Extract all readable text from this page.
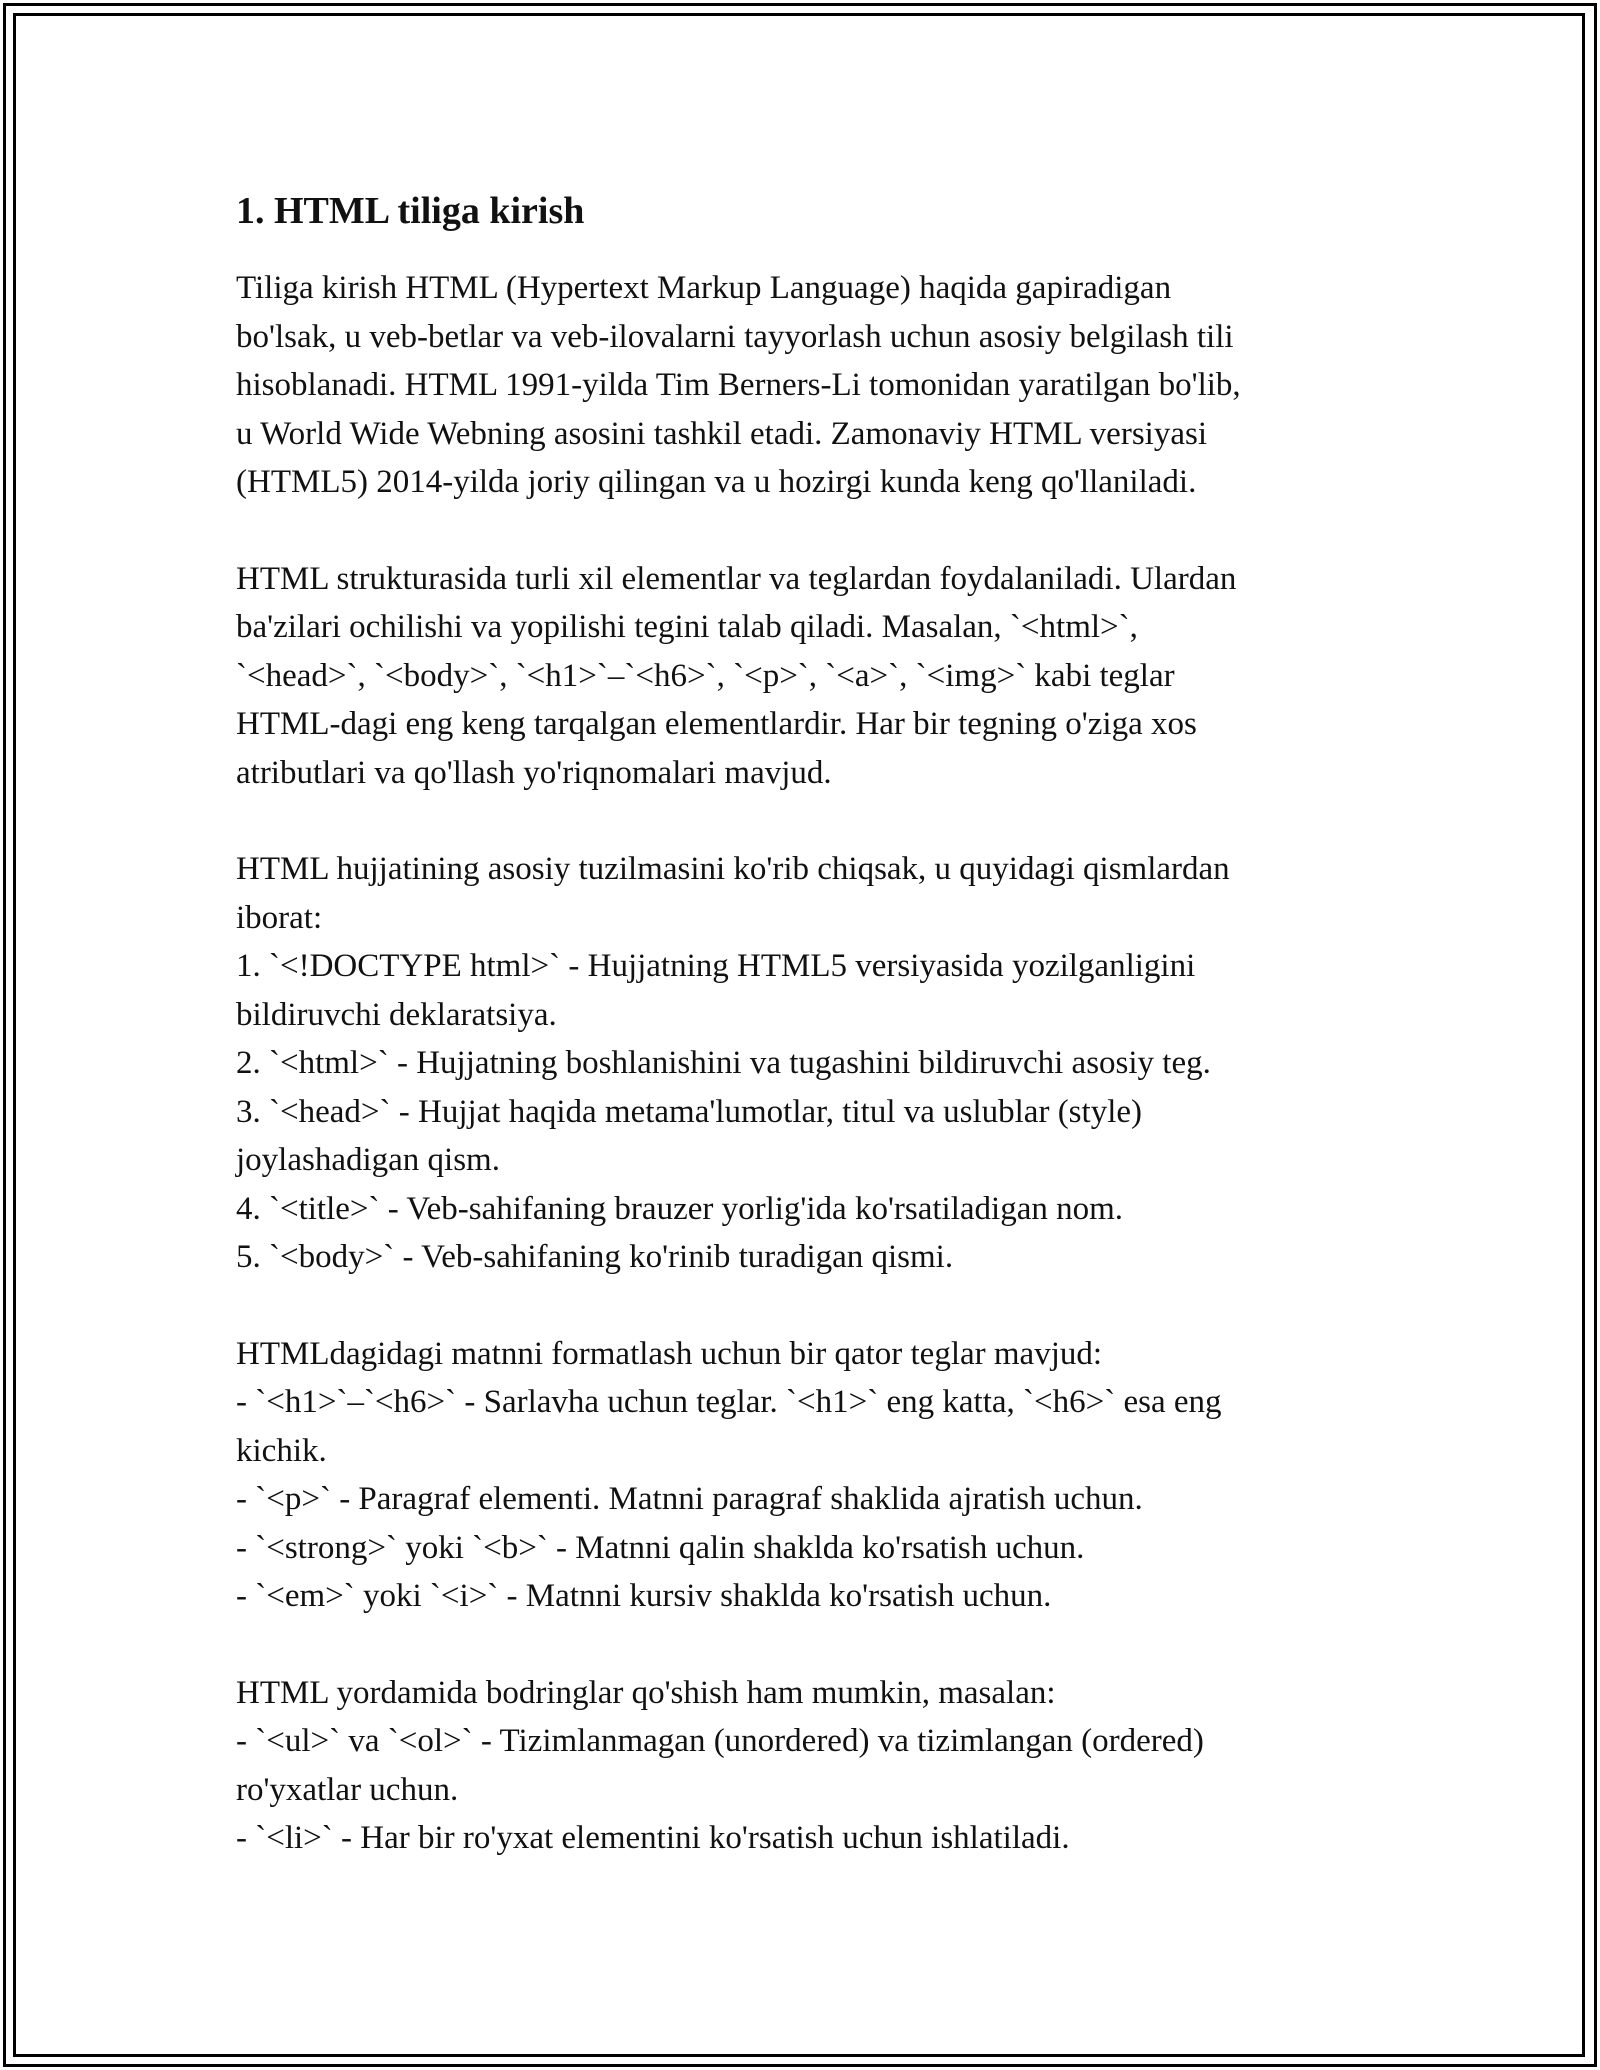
1. HTML tiliga kirish
Tiliga kirish HTML (Hypertext Markup Language) haqida gapiradigan
bo'lsak, u veb-betlar va veb-ilovalarni tayyorlash uchun asosiy belgilash tili
hisoblanadi. HTML 1991-yilda Tim Berners-Li tomonidan yaratilgan bo'lib,
u World Wide Webning asosini tashkil etadi. Zamonaviy HTML versiyasi
(HTML5) 2014-yilda joriy qilingan va u hozirgi kunda keng qo'llaniladi.
HTML strukturasida turli xil elementlar va teglardan foydalaniladi. Ulardan
ba'zilari ochilishi va yopilishi tegini talab qiladi. Masalan, `<html>`,
`<head>`, `<body>`, `<h1>`–`<h6>`, `<p>`, `<a>`, `<img>` kabi teglar
HTML-dagi eng keng tarqalgan elementlardir. Har bir tegning o'ziga xos
atributlari va qo'llash yo'riqnomalari mavjud.
HTML hujjatining asosiy tuzilmasini ko'rib chiqsak, u quyidagi qismlardan
iborat:
1. `<!DOCTYPE html>` - Hujjatning HTML5 versiyasida yozilganligini
bildiruvchi deklaratsiya.
2. `<html>` - Hujjatning boshlanishini va tugashini bildiruvchi asosiy teg.
3. `<head>` - Hujjat haqida metama'lumotlar, titul va uslublar (style)
joylashadigan qism.
4. `<title>` - Veb-sahifaning brauzer yorlig'ida ko'rsatiladigan nom.
5. `<body>` - Veb-sahifaning ko'rinib turadigan qismi.
HTMLdagidagi matnni formatlash uchun bir qator teglar mavjud:
- `<h1>`–`<h6>` - Sarlavha uchun teglar. `<h1>` eng katta, `<h6>` esa eng
kichik.
- `<p>` - Paragraf elementi. Matnni paragraf shaklida ajratish uchun.
- `<strong>` yoki `<b>` - Matnni qalin shaklda ko'rsatish uchun.
- `<em>` yoki `<i>` - Matnni kursiv shaklda ko'rsatish uchun.
HTML yordamida bodringlar qo'shish ham mumkin, masalan:
- `<ul>` va `<ol>` - Tizimlanmagan (unordered) va tizimlangan (ordered)
ro'yxatlar uchun.
- `<li>` - Har bir ro'yxat elementini ko'rsatish uchun ishlatiladi.
